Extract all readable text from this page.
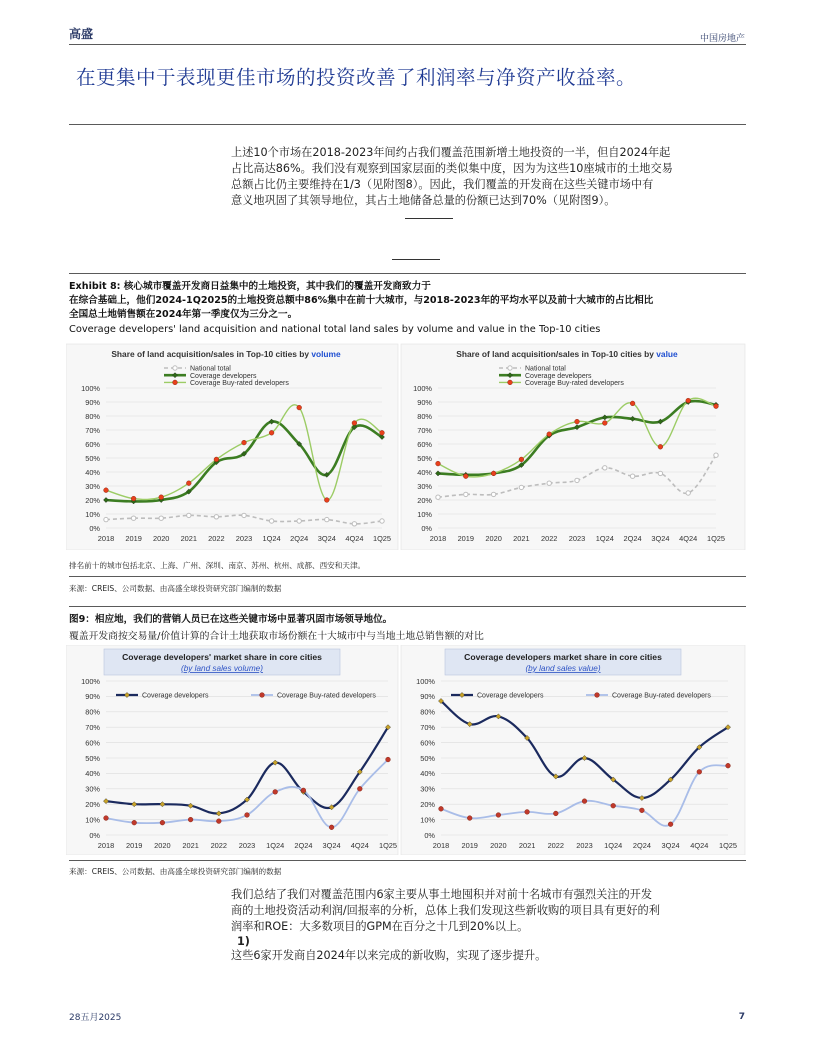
高盛	中国房地产
在更集中于表现更佳市场的投资改善了利润率与净资产收益率。
上述10个市场在2018-2023年间约占我们覆盖范围新增土地投资的一半，但自2024年起
占比高达86%。我们没有观察到国家层面的类似集中度，因为为这些10座城市的土地交易
总额占比仍主要维持在1/3（见附图8）。因此，我们覆盖的开发商在这些关键市场中有
意义地巩固了其领导地位，其占土地储备总量的份额已达到70%（见附图9）。
Exhibit 8: 核心城市覆盖开发商日益集中的土地投资，其中我们的覆盖开发商致力于
在综合基础上，他们2024-1Q2025的土地投资总额中86%集中在前十大城市，与2018-2023年的平均水平以及前十大城市的占比相比
全国总土地销售额在2024年第一季度仅为三分之一。
Coverage developers' land acquisition and national total land sales by volume and value in the Top-10 cities
Share of land acquisition/sales in Top-10 cities by volume
0%
10%
20%
30%
40%
50%
60%
70%
80%
90%
100%
2018 2019 2020 2021 2022 2023 1Q24 2Q24 3Q24 4Q24 1Q25
National total
Coverage developers
Coverage Buy-rated developers
Share of land acquisition/sales in Top-10 cities by value
0%
10%
20%
30%
40%
50%
60%
70%
80%
90%
100%
2018 2019 2020 2021 2022 2023 1Q24 2Q24 3Q24 4Q24 1Q25
National total
Coverage developers
Coverage Buy-rated developers
排名前十的城市包括北京、上海、广州、深圳、南京、苏州、杭州、成都、西安和天津。
来源：CREIS、公司数据、由高盛全球投资研究部门编制的数据
图9：相应地，我们的营销人员已在这些关键市场中显著巩固市场领导地位。
覆盖开发商按交易量/价值计算的合计土地获取市场份额在十大城市中与当地土地总销售额的对比
Coverage developers' market share in core cities
(by land sales volume)
0%
10%
20%
30%
40%
50%
60%
70%
80%
90%
100%
2018 2019 2020 2021 2022 2023 1Q24 2Q24 3Q24 4Q24 1Q25
Coverage developers	Coverage Buy-rated developers
Coverage developers market share in core cities
(by land sales value)
0%
10%
20%
30%
40%
50%
60%
70%
80%
90%
100%
2018 2019 2020 2021 2022 2023 1Q24 2Q24 3Q24 4Q24 1Q25
Coverage developers	Coverage Buy-rated developers
来源：CREIS、公司数据、由高盛全球投资研究部门编制的数据
我们总结了我们对覆盖范围内6家主要从事土地囤积并对前十名城市有强烈关注的开发
商的土地投资活动利润/回报率的分析，总体上我们发现这些新收购的项目具有更好的利
润率和ROE：大多数项目的GPM在百分之十几到20%以上。
1)
这些6家开发商自2024年以来完成的新收购，实现了逐步提升。
28五月2025	7
